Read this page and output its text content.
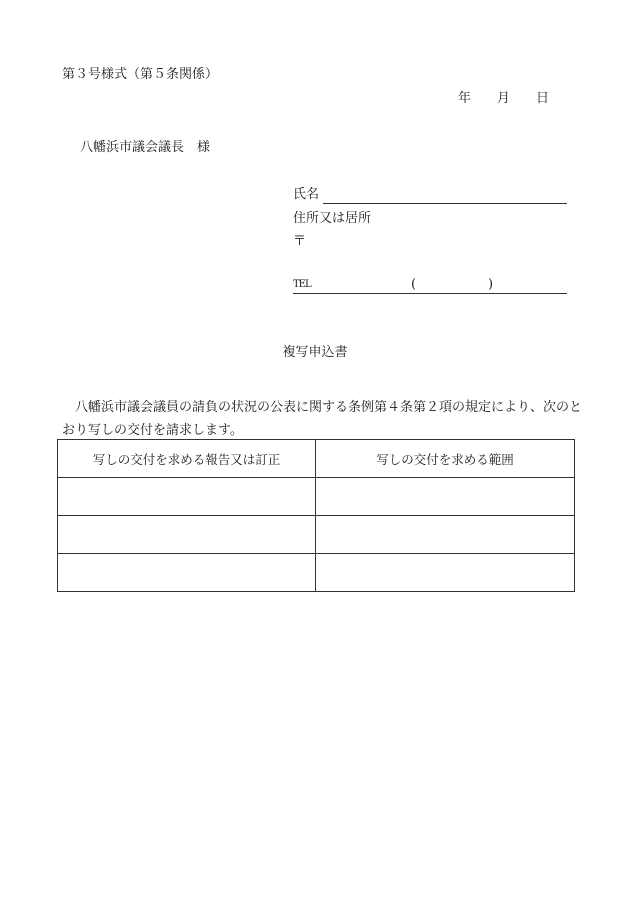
第３号様式（第５条関係）
年 月 日
八幡浜市議会議長　様
氏名
住所又は居所
〒
TEL	(	)
複写申込書
八幡浜市議会議員の請負の状況の公表に関する条例第４条第２項の規定により、次のとおり写しの交付を請求します。
写しの交付を求める報告又は訂正	写しの交付を求める範囲
